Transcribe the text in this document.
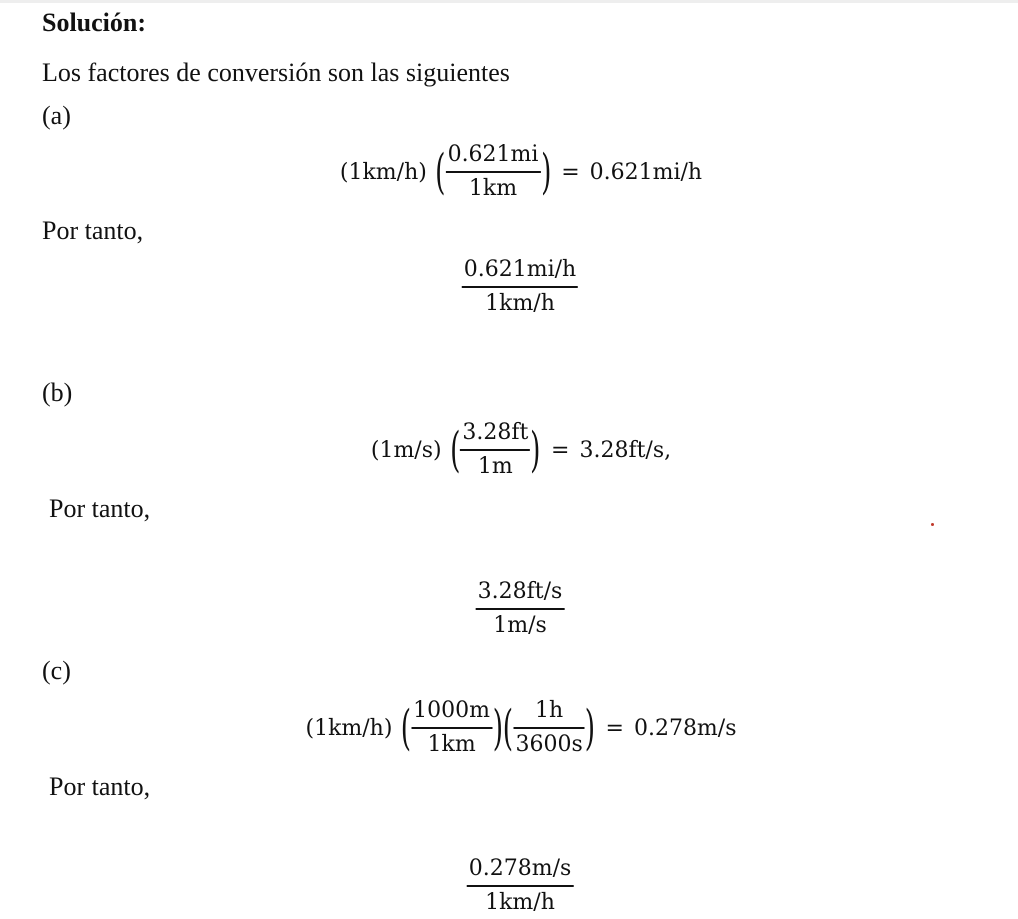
Solución:
Los factores de conversión son las siguientes
(a)
(1km/h) ( $\frac{0.621mi}{1km}$ ) = 0.621mi/h
Por tanto,
$\frac{0.621mi/h}{1km/h}$
(b)
(1m/s) ( $\frac{3.28ft}{1m}$ ) = 3.28ft/s,
Por tanto,
$\frac{3.28ft/s}{1m/s}$
(c)
(1km/h) ( $\frac{1000m}{1km}$ ) ( $\frac{1h}{3600s}$ ) = 0.278m/s
Por tanto,
$\frac{0.278m/s}{1km/h}$
